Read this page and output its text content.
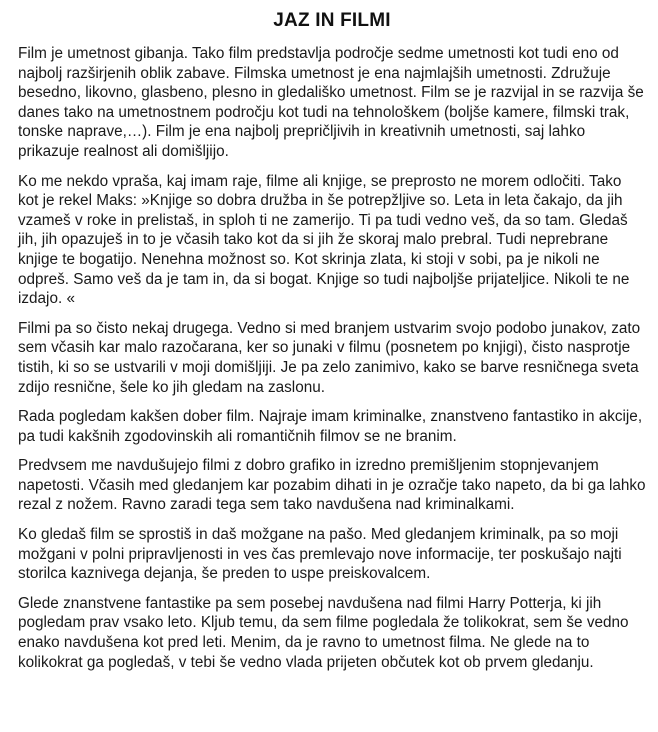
JAZ IN FILMI

Film je umetnost gibanja. Tako film predstavlja področje sedme umetnosti kot tudi eno od najbolj razširjenih oblik zabave. Filmska umetnost je ena najmlajših umetnosti. Združuje besedno, likovno, glasbeno, plesno in gledališko umetnost. Film se je razvijal in se razvija še danes tako na umetnostnem področju kot tudi na tehnološkem (boljše kamere, filmski trak, tonske naprave,…). Film je ena najbolj prepričljivih in kreativnih umetnosti, saj lahko prikazuje realnost ali domišljijo.

Ko me nekdo vpraša, kaj imam raje, filme ali knjige, se preprosto ne morem odločiti. Tako kot je rekel Maks: »Knjige so dobra družba in še potrepžljive so. Leta in leta čakajo, da jih vzameš v roke in prelistaš, in sploh ti ne zamerijo. Ti pa tudi vedno veš, da so tam. Gledaš jih, jih opazuješ in to je včasih tako kot da si jih že skoraj malo prebral. Tudi neprebrane knjige te bogatijo. Nenehna možnost so. Kot skrinja zlata, ki stoji v sobi, pa je nikoli ne odpreš. Samo veš da je tam in, da si bogat. Knjige so tudi najboljše prijateljice. Nikoli te ne izdajo. «

Filmi pa so čisto nekaj drugega. Vedno si med branjem ustvarim svojo podobo junakov, zato sem včasih kar malo razočarana, ker so junaki v filmu (posnetem po knjigi), čisto nasprotje tistih, ki so se ustvarili v moji domišljiji. Je pa zelo zanimivo, kako se barve resničnega sveta zdijo resnične, šele ko jih gledam na zaslonu.

Rada pogledam kakšen dober film. Najraje imam kriminalke, znanstveno fantastiko in akcije, pa tudi kakšnih zgodovinskih ali romantičnih filmov se ne branim.

Predvsem me navdušujejo filmi z dobro grafiko in izredno premišljenim stopnjevanjem napetosti. Včasih med gledanjem kar pozabim dihati in je ozračje tako napeto, da bi ga lahko rezal z nožem. Ravno zaradi tega sem tako navdušena nad kriminalkami.

Ko gledaš film se sprostiš in daš možgane na pašo. Med gledanjem kriminalk, pa so moji možgani v polni pripravljenosti in ves čas premlevajo nove informacije, ter poskušajo najti storilca kaznivega dejanja, še preden to uspe preiskovalcem.

Glede znanstvene fantastike pa sem posebej navdušena nad filmi Harry Potterja, ki jih pogledam prav vsako leto. Kljub temu, da sem filme pogledala že tolikokrat, sem še vedno enako navdušena kot pred leti. Menim, da je ravno to umetnost filma. Ne glede na to kolikokrat ga pogledaš, v tebi še vedno vlada prijeten občutek kot ob prvem gledanju.
